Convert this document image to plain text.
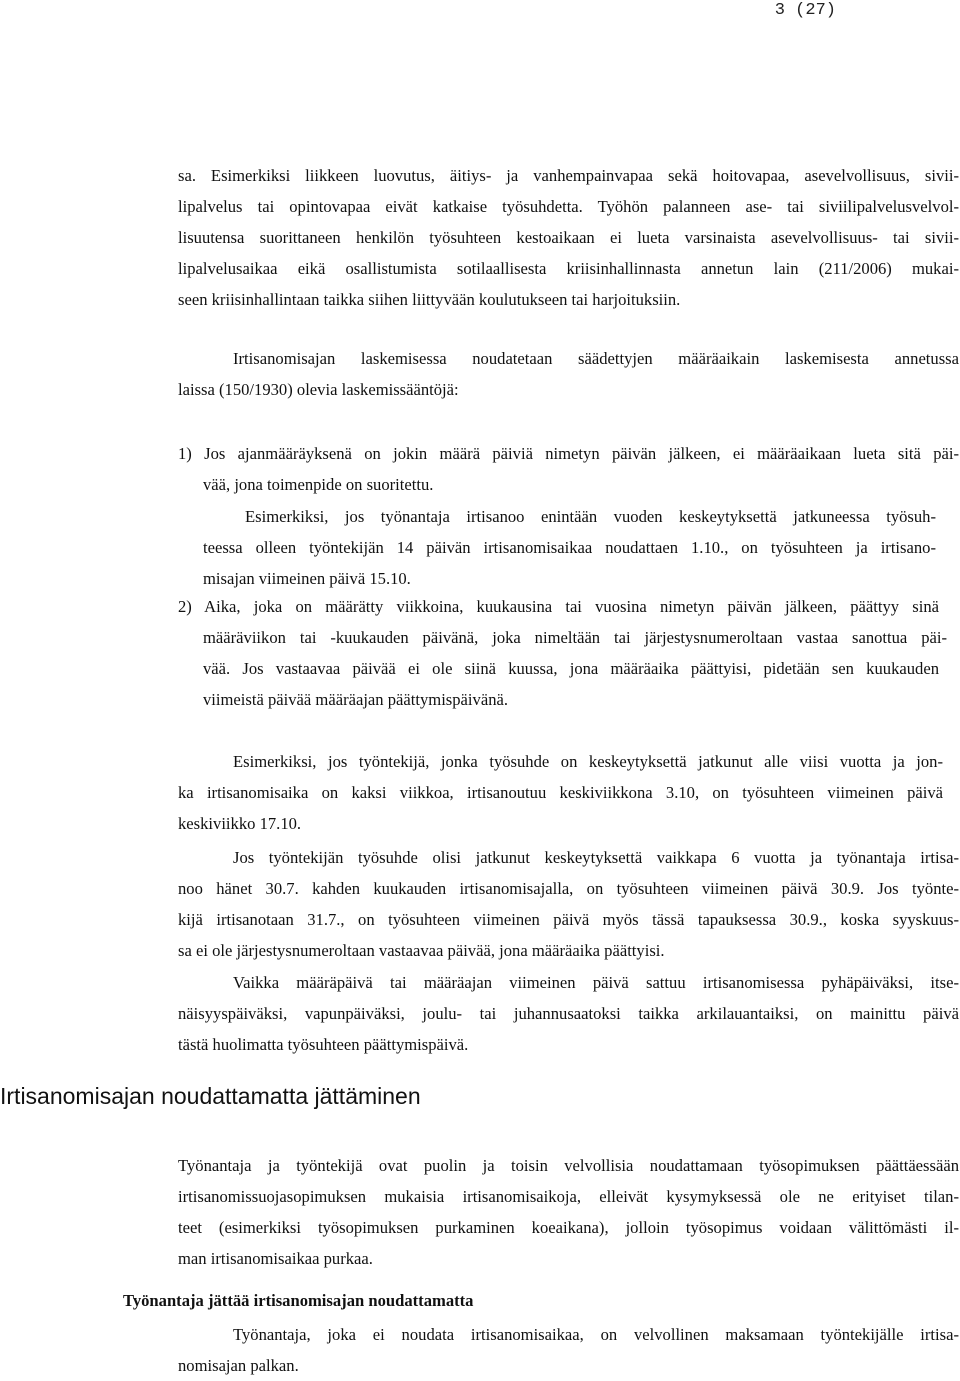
3 (27)
sa. Esimerkiksi liikkeen luovutus, äitiys- ja vanhempainvapaa sekä hoitovapaa, asevelvollisuus, sivii-
lipalvelus tai opintovapaa eivät katkaise työsuhdetta. Työhön palanneen ase- tai siviilipalvelusvelvol-
lisuutensa suorittaneen henkilön työsuhteen kestoaikaan ei lueta varsinaista asevelvollisuus- tai sivii-
lipalvelusaikaa eikä osallistumista sotilaallisesta kriisinhallinnasta annetun lain (211/2006) mukai-
seen kriisinhallintaan taikka siihen liittyvään koulutukseen tai harjoituksiin.
Irtisanomisajan laskemisessa noudatetaan säädettyjen määräaikain laskemisesta annetussa
laissa (150/1930) olevia laskemissääntöjä:
1) Jos ajanmääräyksenä on jokin määrä päiviä nimetyn päivän jälkeen, ei määräaikaan lueta sitä päi-
vää, jona toimenpide on suoritettu.
Esimerkiksi, jos työnantaja irtisanoo enintään vuoden keskeytyksettä jatkuneessa työsuh-
teessa olleen työntekijän 14 päivän irtisanomisaikaa noudattaen 1.10., on työsuhteen ja irtisano-
misajan viimeinen päivä 15.10.
2) Aika, joka on määrätty viikkoina, kuukausina tai vuosina nimetyn päivän jälkeen, päättyy sinä
määräviikon tai -kuukauden päivänä, joka nimeltään tai järjestysnumeroltaan vastaa sanottua päi-
vää. Jos vastaavaa päivää ei ole siinä kuussa, jona määräaika päättyisi, pidetään sen kuukauden
viimeistä päivää määräajan päättymispäivänä.
Esimerkiksi, jos työntekijä, jonka työsuhde on keskeytyksettä jatkunut alle viisi vuotta ja jon-
ka irtisanomisaika on kaksi viikkoa, irtisanoutuu keskiviikkona 3.10, on työsuhteen viimeinen päivä
keskiviikko 17.10.
Jos työntekijän työsuhde olisi jatkunut keskeytyksettä vaikkapa 6 vuotta ja työnantaja irtisa-
noo hänet 30.7. kahden kuukauden irtisanomisajalla, on työsuhteen viimeinen päivä 30.9. Jos työnte-
kijä irtisanotaan 31.7., on työsuhteen viimeinen päivä myös tässä tapauksessa 30.9., koska syyskuus-
sa ei ole järjestysnumeroltaan vastaavaa päivää, jona määräaika päättyisi.
Vaikka määräpäivä tai määräajan viimeinen päivä sattuu irtisanomisessa pyhäpäiväksi, itse-
näisyyspäiväksi, vapunpäiväksi, joulu- tai juhannusaatoksi taikka arkilauantaiksi, on mainittu päivä
tästä huolimatta työsuhteen päättymispäivä.
Irtisanomisajan noudattamatta jättäminen
Työnantaja ja työntekijä ovat puolin ja toisin velvollisia noudattamaan työsopimuksen päättäessään
irtisanomissuojasopimuksen mukaisia irtisanomisaikoja, elleivät kysymyksessä ole ne erityiset tilan-
teet (esimerkiksi työsopimuksen purkaminen koeaikana), jolloin työsopimus voidaan välittömästi il-
man irtisanomisaikaa purkaa.
Työnantaja jättää irtisanomisajan noudattamatta
Työnantaja, joka ei noudata irtisanomisaikaa, on velvollinen maksamaan työntekijälle irtisa-
nomisajan palkan.
